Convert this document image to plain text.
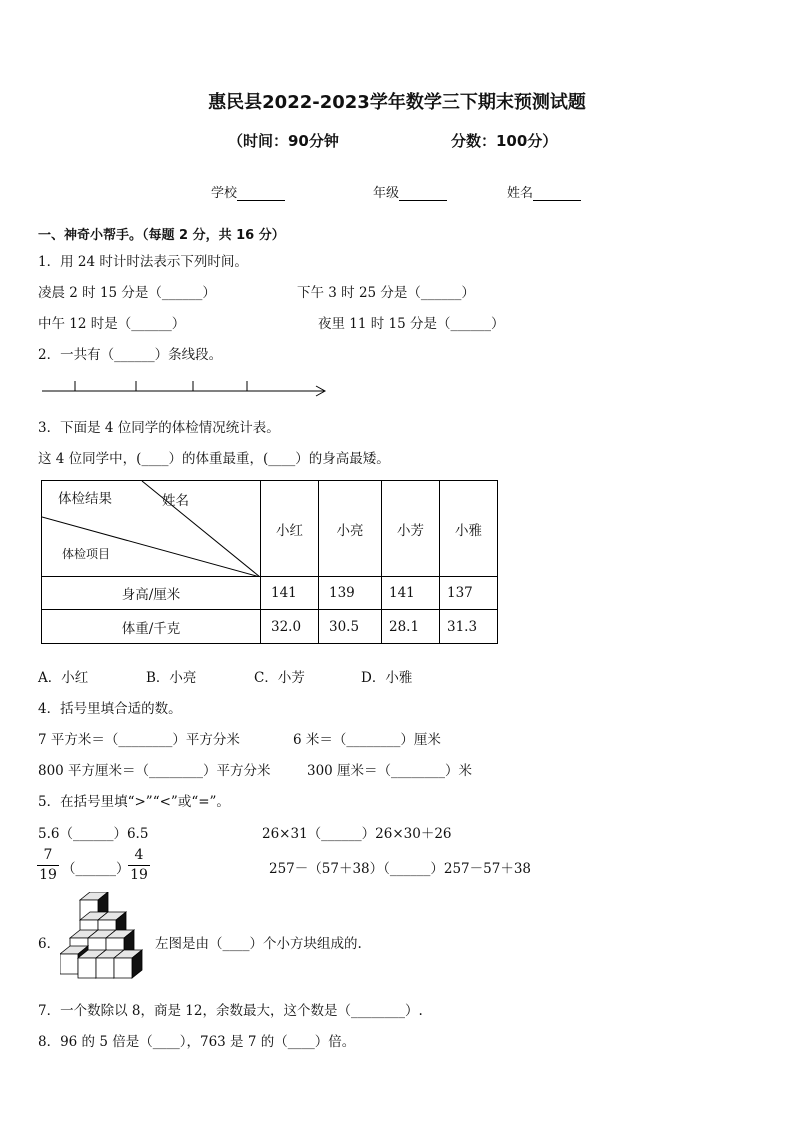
惠民县2022-2023学年数学三下期末预测试题
（时间：90分钟	分数：100分）
学校	年级	姓名
一、神奇小帮手。（每题 2 分，共 16 分）
1．用 24 时计时法表示下列时间。
凌晨 2 时 15 分是（______）	下午 3 时 25 分是（______）
中午 12 时是（______）	夜里 11 时 15 分是（______）
2．一共有（______）条线段。
3．下面是 4 位同学的体检情况统计表。
这 4 位同学中，(____）的体重最重，(____）的身高最矮。
体检结果 姓名
体检项目	小红	小亮	小芳	小雅
身高/厘米	141	139	141	137
体重/千克	32.0	30.5	28.1	31.3
A．小红	B．小亮	C．小芳	D．小雅
4．括号里填合适的数。
7 平方米＝（________）平方分米	6 米＝（________）厘米
800 平方厘米＝（________）平方分米	300 厘米＝（________）米
5．在括号里填“>”“<”或“=”。
5.6（______）6.5	26×31（______）26×30＋26
$\frac{7}{19}$ （______）
$\frac{4}{19}$	257－（57＋38）（______）257－57＋38
6．	左图是由（____）个小方块组成的.
7．一个数除以 8，商是 12，余数最大，这个数是（________）.
8．96 的 5 倍是（____），763 是 7 的（____）倍。
